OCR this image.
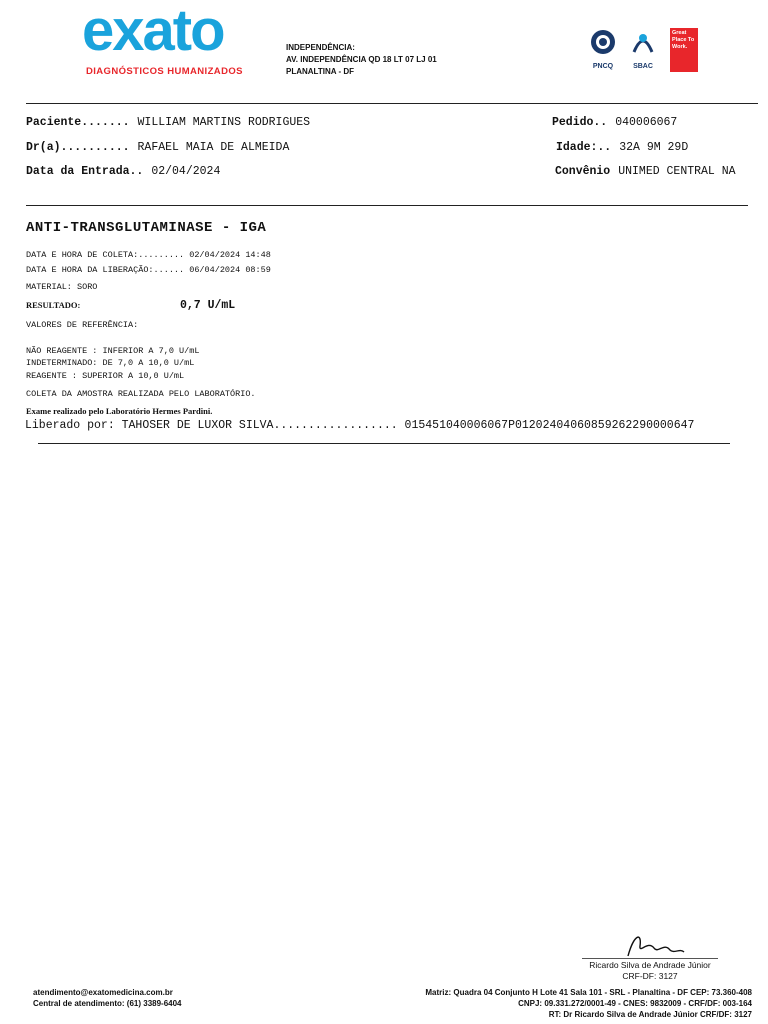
exato
DIAGNÓSTICOS HUMANIZADOS
INDEPENDÊNCIA:
AV. INDEPENDÊNCIA QD 18 LT 07 LJ 01
PLANALTINA - DF
PNCQ	SBAC
Great Place To Work.
Paciente....... WILLIAM MARTINS RODRIGUES
Dr(a).......... RAFAEL MAIA DE ALMEIDA
Data da Entrada.. 02/04/2024
Pedido.. 040006067
Idade:.. 32A 9M 29D
Convênio UNIMED CENTRAL NA
ANTI-TRANSGLUTAMINASE - IGA
DATA E HORA DE COLETA:......... 02/04/2024 14:48
DATA E HORA DA LIBERAÇÃO:...... 06/04/2024 08:59
MATERIAL: SORO
RESULTADO:	0,7 U/mL
VALORES DE REFERÊNCIA:
NÃO REAGENTE : INFERIOR A 7,0 U/mL
INDETERMINADO: DE 7,0 A 10,0 U/mL
REAGENTE : SUPERIOR A 10,0 U/mL
COLETA DA AMOSTRA REALIZADA PELO LABORATÓRIO.
Exame realizado pelo Laboratório Hermes Pardini.
Liberado por: TAHOSER DE LUXOR SILVA.................. 015451040006067P01202404060859262290000647
Ricardo Silva de Andrade Júnior
CRF-DF: 3127
atendimento@exatomedicina.com.br
Central de atendimento: (61) 3389-6404
Matriz: Quadra 04 Conjunto H Lote 41 Sala 101 - SRL - Planaltina - DF CEP: 73.360-408
CNPJ: 09.331.272/0001-49 - CNES: 9832009 - CRF/DF: 003-164
RT: Dr Ricardo Silva de Andrade Júnior CRF/DF: 3127
